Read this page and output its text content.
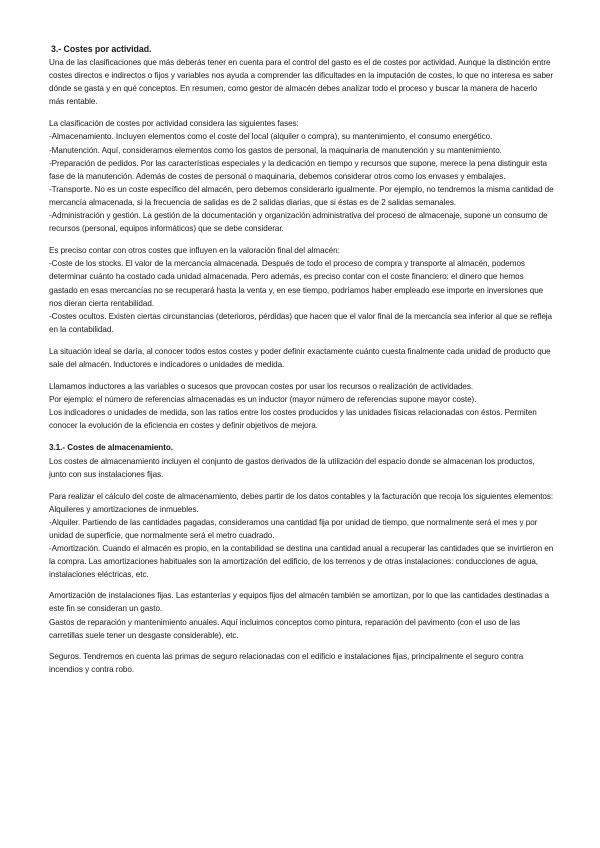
3.- Costes por actividad.

Una de las clasificaciones que más deberás tener en cuenta para el control del gasto es el de costes por actividad. Aunque la distinción entre costes directos e indirectos o fijos y variables nos ayuda a comprender las dificultades en la imputación de costes, lo que no interesa es saber dónde se gasta y en qué conceptos. En resumen, como gestor de almacén debes analizar todo el proceso y buscar la manera de hacerlo más rentable.

La clasificación de costes por actividad considera las siguientes fases:

-Almacenamiento. Incluyen elementos como el coste del local (alquiler o compra), su mantenimiento, el consumo energético.

-Manutención. Aquí, consideramos elementos como los gastos de personal, la maquinaria de manutención y su mantenimiento.

-Preparación de pedidos. Por las características especiales y la dedicación en tiempo y recursos que supone, merece la pena distinguir esta fase de la manutención. Además de costes de personal o maquinaria, debemos considerar otros como los envases y embalajes.

-Transporte. No es un coste específico del almacén, pero debemos considerarlo igualmente. Por ejemplo, no tendremos la misma cantidad de mercancía almacenada, si la frecuencia de salidas es de 2 salidas diarias, que si éstas es de 2 salidas semanales.

-Administración y gestión. La gestión de la documentación y organización administrativa del proceso de almacenaje, supone un consumo de recursos (personal, equipos informáticos) que se debe considerar.

Es preciso contar con otros costes que influyen en la valoración final del almacén:

-Coste de los stocks. El valor de la mercancía almacenada. Después de todo el proceso de compra y transporte al almacén, podemos determinar cuánto ha costado cada unidad almacenada. Pero además, es preciso contar con el coste financiero: el dinero que hemos gastado en esas mercancías no se recuperará hasta la venta y, en ese tiempo, podríamos haber empleado ese importe en inversiones que nos dieran cierta rentabilidad.

-Costes ocultos. Existen ciertas circunstancias (deterioros, pérdidas) que hacen que el valor final de la mercancía sea inferior al que se refleja en la contabilidad.

La situación ideal se daría, al conocer todos estos costes y poder definir exactamente cuánto cuesta finalmente cada unidad de producto que sale del almacén. Inductores e indicadores o unidades de medida.

Llamamos inductores a las variables o sucesos que provocan costes por usar los recursos o realización de actividades.

Por ejemplo: el número de referencias almacenadas es un inductor (mayor número de referencias supone mayor coste).

Los indicadores o unidades de medida, son las ratios entre los costes producidos y las unidades físicas relacionadas con éstos. Permiten conocer la evolución de la eficiencia en costes y definir objetivos de mejora.

3.1.- Costes de almacenamiento.

Los costes de almacenamiento incluyen el conjunto de gastos derivados de la utilización del espacio donde se almacenan los productos, junto con sus instalaciones fijas.

Para realizar el cálculo del coste de almacenamiento, debes partir de los datos contables y la facturación que recoja los siguientes elementos:

Alquileres y amortizaciones de inmuebles.

-Alquiler. Partiendo de las cantidades pagadas, consideramos una cantidad fija por unidad de tiempo, que normalmente será el mes y por unidad de superficie, que normalmente será el metro cuadrado.

-Amortización. Cuando el almacén es propio, en la contabilidad se destina una cantidad anual a recuperar las cantidades que se invirtieron en la compra. Las amortizaciones habituales son la amortización del edificio, de los terrenos y de otras instalaciones: conducciones de agua, instalaciones eléctricas, etc.

Amortización de instalaciones fijas. Las estanterías y equipos fijos del almacén también se amortizan, por lo que las cantidades destinadas a este fin se consideran un gasto.

Gastos de reparación y mantenimiento anuales. Aquí incluimos conceptos como pintura, reparación del pavimento (con el uso de las carretillas suele tener un desgaste considerable), etc.

Seguros. Tendremos en cuenta las primas de seguro relacionadas con el edificio e instalaciones fijas, principalmente el seguro contra incendios y contra robo.
